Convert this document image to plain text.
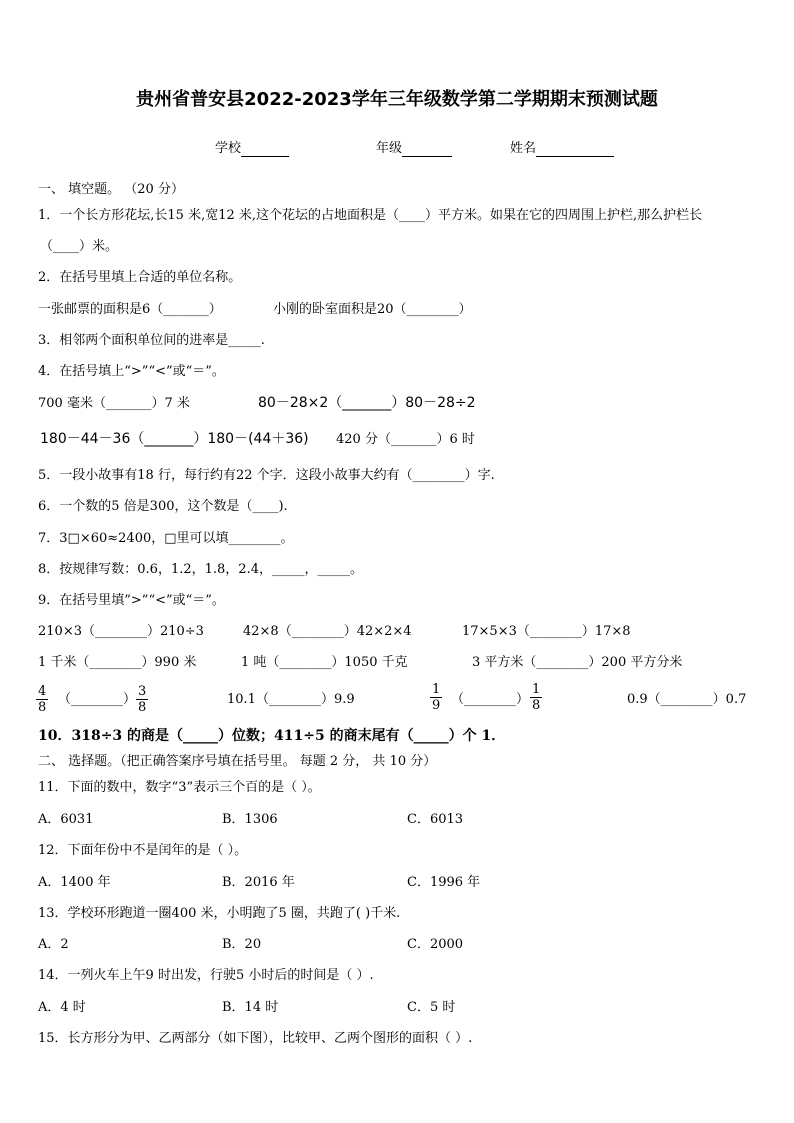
贵州省普安县2022-2023学年三年级数学第二学期期末预测试题
学校	年级	姓名
一、 填空题。 （20 分）
1．一个长方形花坛,长15 米,宽12 米,这个花坛的占地面积是（____）平方米。如果在它的四周围上护栏,那么护栏长
（____）米。
2．在括号里填上合适的单位名称。
一张邮票的面积是6（_______）	小刚的卧室面积是20（________）
3．相邻两个面积单位间的进率是_____.
4．在括号填上“>”“<”或“＝”。
700 毫米（_______）7 米	80－28×2（_______）80－28÷2
180－44－36（_______）180－(44＋36) 420 分（_______）6 时
5．一段小故事有18 行，每行约有22 个字．这段小故事大约有（________）字.
6．一个数的5 倍是300，这个数是（____).
7．3□×60≈2400，□里可以填________。
8．按规律写数：0.6，1.2，1.8，2.4，_____，_____。
9．在括号里填”>”“<”或“＝”。
210×3（________）210÷3	42×8（________）42×2×4	17×5×3（________）17×8
1 千米（________）990 米	1 吨（________）1050 千克	3 平方米（________）200 平方分米
$\frac{4}{8}$ （________） $\frac{3}{8}$	10.1（________）9.9	$\frac{1}{9}$ （________） $\frac{1}{8}$	0.9（________）0.7
10．318÷3 的商是（_____）位数；411÷5 的商末尾有（_____）个 1．
二、 选择题。（把正确答案序号填在括号里。 每题 2 分， 共 10 分）
11．下面的数中，数字“3”表示三个百的是（ ）。
A．6031	B．1306	C．6013
12．下面年份中不是闰年的是（ ）。
A．1400 年	B．2016 年	C．1996 年
13．学校环形跑道一圈400 米，小明跑了5 圈，共跑了( )千米.
A．2	B．20	C．2000
14．一列火车上午9 时出发，行驶5 小时后的时间是（ ）.
A．4 时	B．14 时	C．5 时
15．长方形分为甲、乙两部分（如下图），比较甲、乙两个图形的面积（ ）.
